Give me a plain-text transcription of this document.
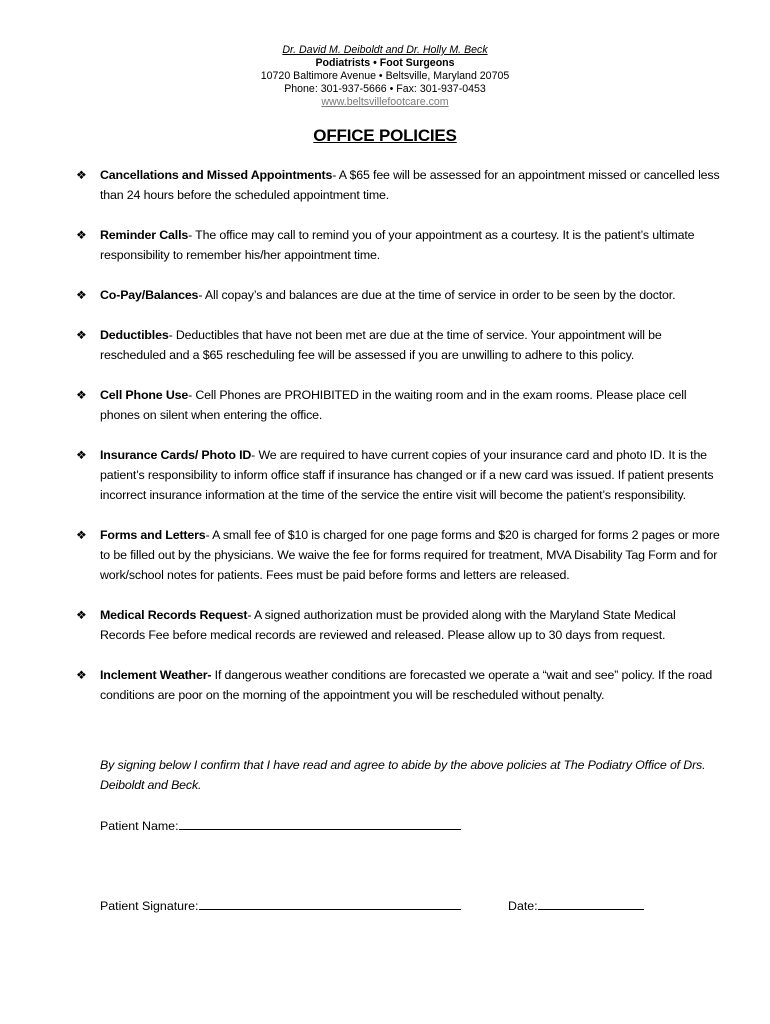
Dr. David M. Deiboldt and Dr. Holly M. Beck
Podiatrists • Foot Surgeons
10720 Baltimore Avenue • Beltsville, Maryland 20705
Phone: 301-937-5666 • Fax: 301-937-0453
www.beltsvillefootcare.com
OFFICE POLICIES
❖ Cancellations and Missed Appointments- A $65 fee will be assessed for an appointment missed or cancelled less than 24 hours before the scheduled appointment time.
❖ Reminder Calls- The office may call to remind you of your appointment as a courtesy. It is the patient’s ultimate responsibility to remember his/her appointment time.
❖ Co-Pay/Balances- All copay’s and balances are due at the time of service in order to be seen by the doctor.
❖ Deductibles- Deductibles that have not been met are due at the time of service. Your appointment will be rescheduled and a $65 rescheduling fee will be assessed if you are unwilling to adhere to this policy.
❖ Cell Phone Use- Cell Phones are PROHIBITED in the waiting room and in the exam rooms. Please place cell phones on silent when entering the office.
❖ Insurance Cards/ Photo ID- We are required to have current copies of your insurance card and photo ID. It is the patient’s responsibility to inform office staff if insurance has changed or if a new card was issued. If patient presents incorrect insurance information at the time of the service the entire visit will become the patient’s responsibility.
❖ Forms and Letters- A small fee of $10 is charged for one page forms and $20 is charged for forms 2 pages or more to be filled out by the physicians. We waive the fee for forms required for treatment, MVA Disability Tag Form and for work/school notes for patients. Fees must be paid before forms and letters are released.
❖ Medical Records Request- A signed authorization must be provided along with the Maryland State Medical Records Fee before medical records are reviewed and released. Please allow up to 30 days from request.
❖ Inclement Weather- If dangerous weather conditions are forecasted we operate a “wait and see” policy. If the road conditions are poor on the morning of the appointment you will be rescheduled without penalty.
By signing below I confirm that I have read and agree to abide by the above policies at The Podiatry Office of Drs. Deiboldt and Beck.
Patient Name:
Patient Signature:	Date:
